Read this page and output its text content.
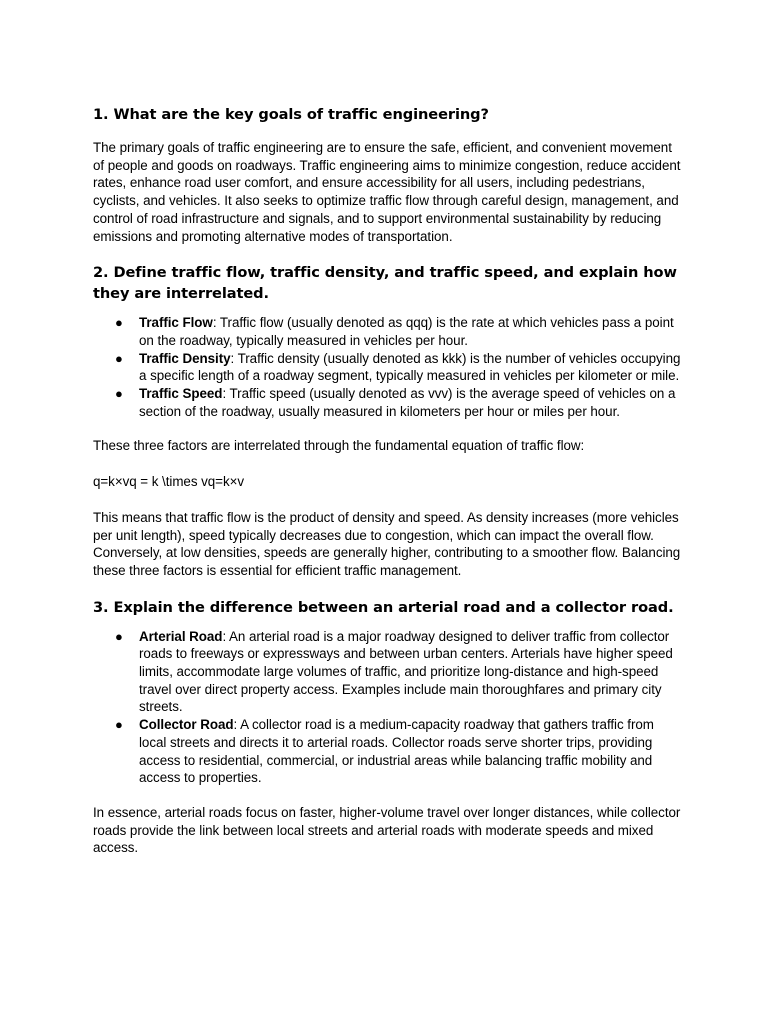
1. What are the key goals of traffic engineering?

The primary goals of traffic engineering are to ensure the safe, efficient, and convenient movement of people and goods on roadways. Traffic engineering aims to minimize congestion, reduce accident rates, enhance road user comfort, and ensure accessibility for all users, including pedestrians, cyclists, and vehicles. It also seeks to optimize traffic flow through careful design, management, and control of road infrastructure and signals, and to support environmental sustainability by reducing emissions and promoting alternative modes of transportation.

2. Define traffic flow, traffic density, and traffic speed, and explain how they are interrelated.
● Traffic Flow: Traffic flow (usually denoted as qqq) is the rate at which vehicles pass a point on the roadway, typically measured in vehicles per hour.
● Traffic Density: Traffic density (usually denoted as kkk) is the number of vehicles occupying a specific length of a roadway segment, typically measured in vehicles per kilometer or mile.
● Traffic Speed: Traffic speed (usually denoted as vvv) is the average speed of vehicles on a section of the roadway, usually measured in kilometers per hour or miles per hour.

These three factors are interrelated through the fundamental equation of traffic flow:

q=k×vq = k \times vq=k×v

This means that traffic flow is the product of density and speed. As density increases (more vehicles per unit length), speed typically decreases due to congestion, which can impact the overall flow. Conversely, at low densities, speeds are generally higher, contributing to a smoother flow. Balancing these three factors is essential for efficient traffic management.

3. Explain the difference between an arterial road and a collector road.
● Arterial Road: An arterial road is a major roadway designed to deliver traffic from collector roads to freeways or expressways and between urban centers. Arterials have higher speed limits, accommodate large volumes of traffic, and prioritize long-distance and high-speed travel over direct property access. Examples include main thoroughfares and primary city streets.
● Collector Road: A collector road is a medium-capacity roadway that gathers traffic from local streets and directs it to arterial roads. Collector roads serve shorter trips, providing access to residential, commercial, or industrial areas while balancing traffic mobility and access to properties.

In essence, arterial roads focus on faster, higher-volume travel over longer distances, while collector roads provide the link between local streets and arterial roads with moderate speeds and mixed access.
